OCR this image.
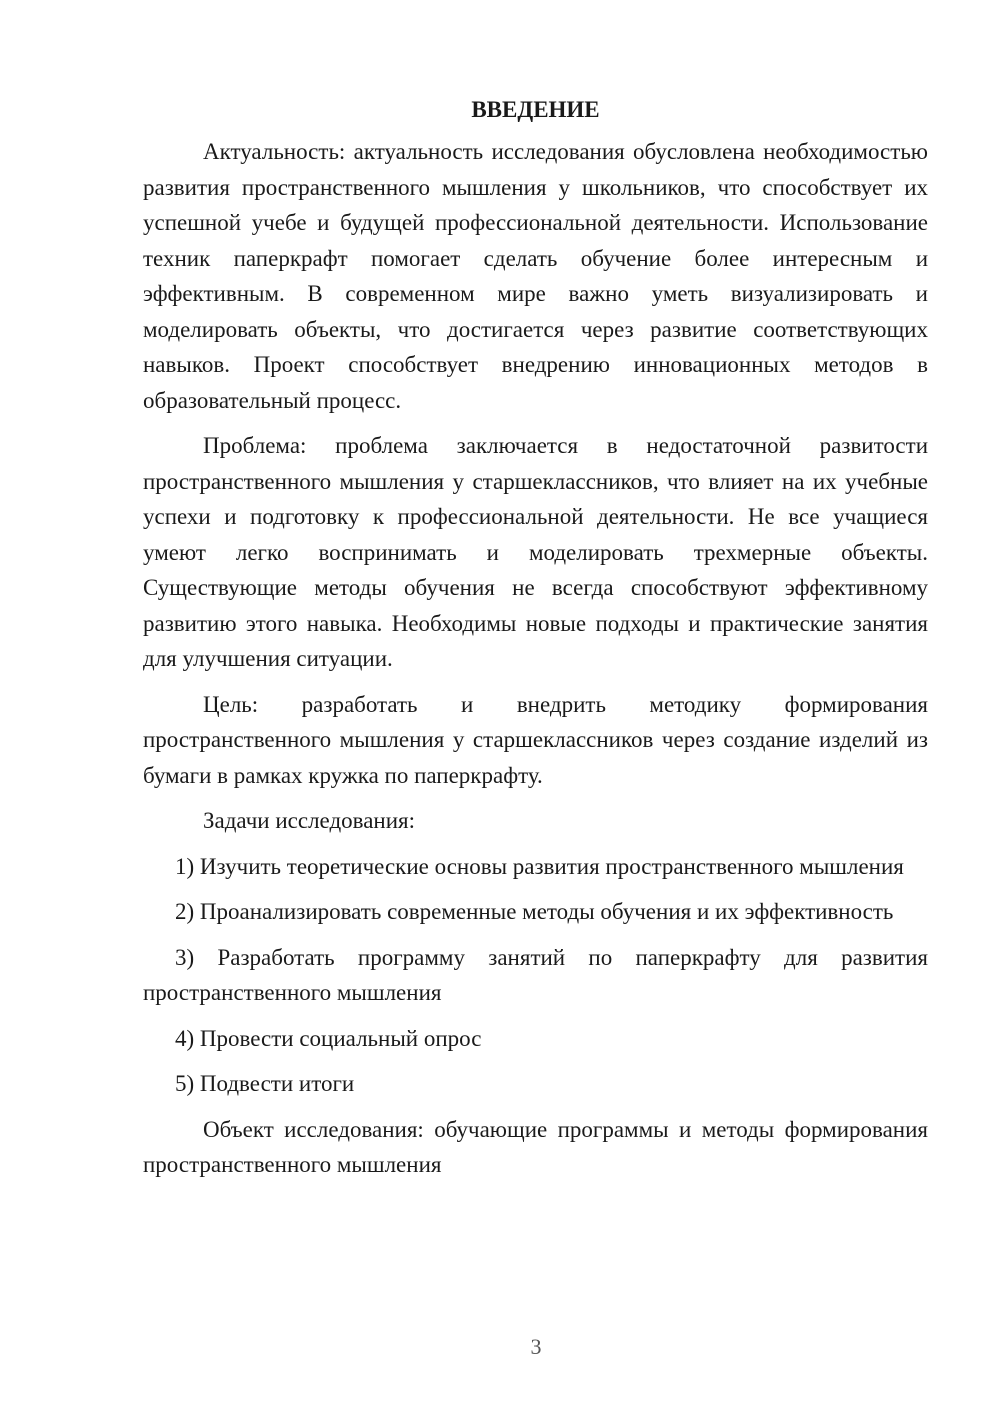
ВВЕДЕНИЕ

Актуальность: актуальность исследования обусловлена необходимостью развития пространственного мышления у школьников, что способствует их успешной учебе и будущей профессиональной деятельности. Использование техник паперкрафт помогает сделать обучение более интересным и эффективным. В современном мире важно уметь визуализировать и моделировать объекты, что достигается через развитие соответствующих навыков. Проект способствует внедрению инновационных методов в образовательный процесс.

Проблема: проблема заключается в недостаточной развитости пространственного мышления у старшеклассников, что влияет на их учебные успехи и подготовку к профессиональной деятельности. Не все учащиеся умеют легко воспринимать и моделировать трехмерные объекты. Существующие методы обучения не всегда способствуют эффективному развитию этого навыка. Необходимы новые подходы и практические занятия для улучшения ситуации.

Цель: разработать и внедрить методику формирования пространственного мышления у старшеклассников через создание изделий из бумаги в рамках кружка по паперкрафту.

Задачи исследования:

1) Изучить теоретические основы развития пространственного мышления

2) Проанализировать современные методы обучения и их эффективность

3) Разработать программу занятий по паперкрафту для развития пространственного мышления

4) Провести социальный опрос

5) Подвести итоги

Объект исследования: обучающие программы и методы формирования пространственного мышления

3
